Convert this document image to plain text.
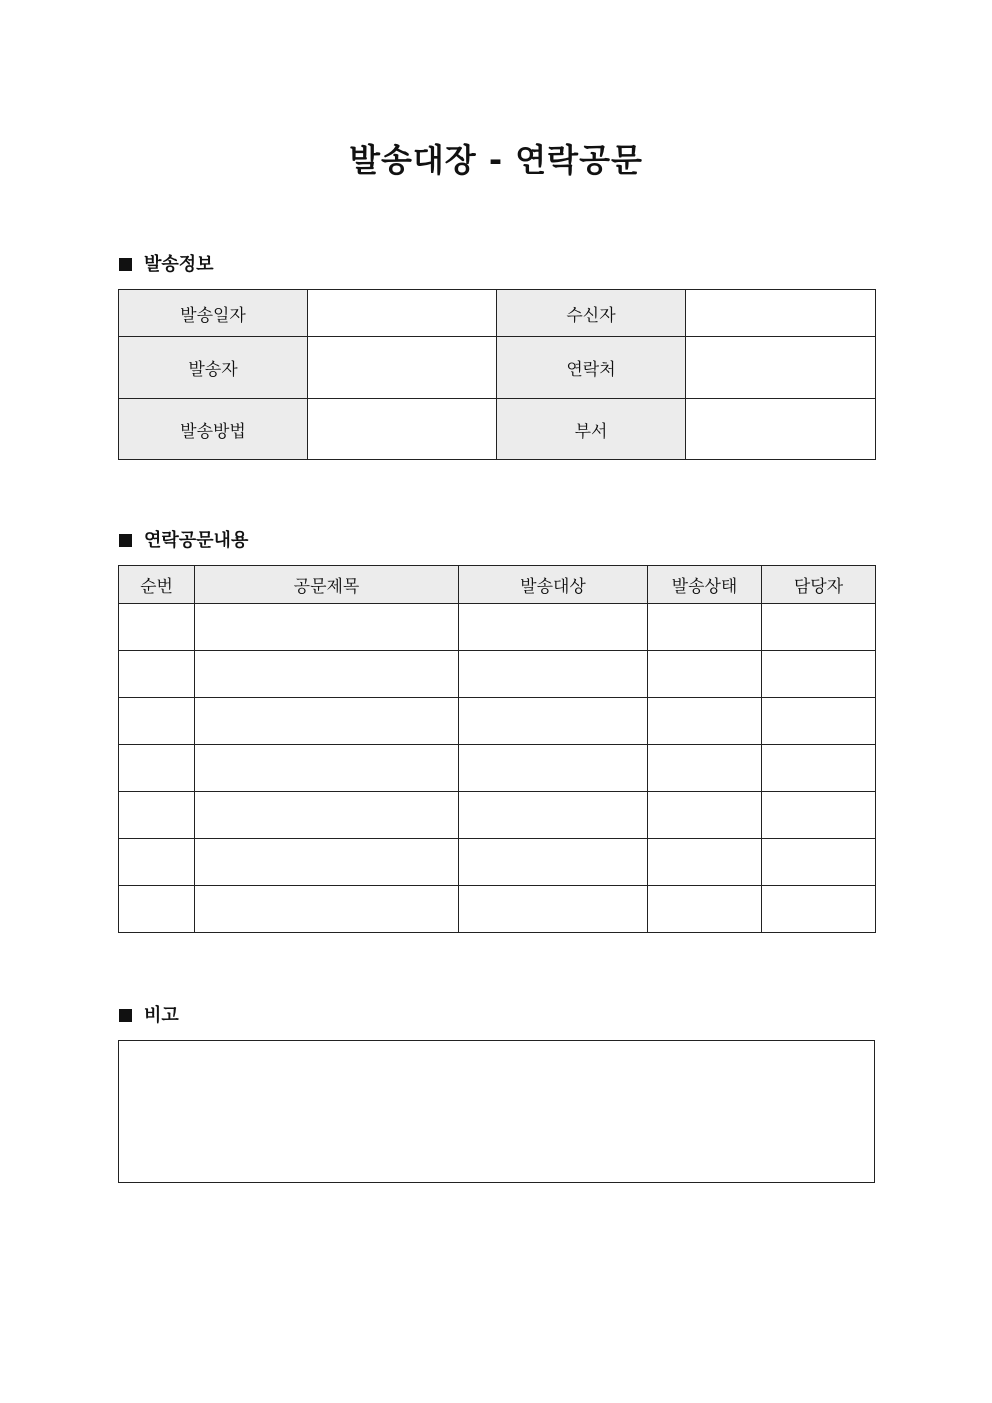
발송대장 - 연락공문
발송정보
발송일자		수신자	
발송자		연락처	
발송방법		부서	
연락공문내용
순번	공문제목	발송대상	발송상태	담당자

비고
